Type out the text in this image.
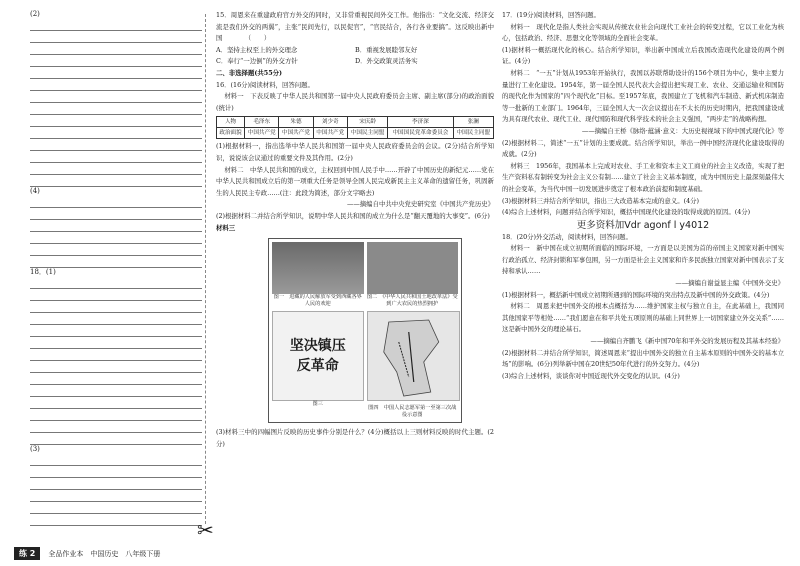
(2)

(4)

18．(1)

(3)

✂

15．周恩来在重建政府官方外交的同时，又非常重视民间外交工作。他指出：“文化交流、经济交流是我们外交的两翼”，主张“民间先行，以民促官”，“官民结合，各行各业要搞”。这反映出新中国　　　　（　　）

A．坚持主权至上的外交理念	B．重视发展睦邻友好

C．奉行“一边倒”的外交方针	D．外交政策灵活务实

二、非选择题(共55分)

16．(16分)阅读材料，回答问题。

材料一　下表反映了中华人民共和国第一届中央人民政府委员会主席、副主席(部分)的政治面貌(统计)

人物	毛泽东	朱德	刘少奇	宋庆龄	李济深	张澜
政治面貌	中国共产党	中国共产党	中国共产党	中国民主同盟	中国国民党革命委员会	中国民主同盟

(1)根据材料一，指出选举中华人民共和国第一届中央人民政府委员会的会议。(2分)结合所学知识，说说该会议通过的重要文件及其作用。(2分)

材料二　中华人民共和国的成立，主权回到中国人民手中……开辟了中国历史的新纪元……党在中华人民共和国成立后的第一项重大任务是领导全国人民完成新民主主义革命的遗留任务，巩固新生的人民民主专政……(注：此段为简述，部分文字略去)

——摘编自中共中央党史研究室《中国共产党历史》

(2)根据材料二并结合所学知识，说明中华人民共和国的成立为什么是“翻天覆地的大事变”。(6分)

材料三

图一　进藏的人民解放军受到西藏各界人民的欢迎
图二　《中华人民共和国土地改革法》受到广大农民的热烈拥护
坚决镇压
反革命
图三
图四　中国人民志愿军第一至第三次战役示意图

(3)材料三中的四幅图片反映的历史事件分别是什么？(4分)概括以上三则材料反映的时代主题。(2分)

17．(19分)阅读材料，回答问题。

材料一　现代化是指人类社会实现从传统农业社会向现代工业社会的转变过程，它以工业化为核心，包括政治、经济、思想文化等领域的全面社会变革。

(1)据材料一概括现代化的核心。结合所学知识，举出新中国成立后我国改造现代化建设的两个例证。(4分)

材料二　“一五”计划从1953年开始执行，我国以苏联帮助设计的156个项目为中心，集中主要力量进行工业化建设。1954年，第一届全国人民代表大会提出把实现工业、农业、交通运输业和国防的现代化作为国家的“四个现代化”目标。至1957年底，我国建立了飞机和汽车制造、新式机床制造等一批新的工业部门。1964年，三届全国人大一次会议提出在不太长的历史时期内，把我国建设成为具有现代农业、现代工业、现代国防和现代科学技术的社会主义强国，“两步走”的战略构想。

——摘编自王桥《脉络·蕴涵·意义：大历史视视域下的中国式现代化》等

(2)根据材料二，简述“一五”计划的主要成就。结合所学知识，举出一例中国经济现代化建设取得的成就。(2分)

材料三　1956年，我国基本上完成对农业、手工业和资本主义工商业的社会主义改造，实现了把生产资料私有制转变为社会主义公有制……建立了社会主义基本制度，成为中国历史上最深刻最伟大的社会变革，为当代中国一切发展进步奠定了根本政治前提和制度基础。

(3)根据材料三并结合所学知识，指出三大改造基本完成的意义。(4分)

(4)综合上述材料，问题并结合所学知识，概括中国现代化建设的取得成就的原因。(4分)

更多资料加Vdr agonf l y4012

18．(20分)外交活动，阅读材料，回答问题。

材料一　新中国在成立初期所面临的国际环境，一方面是以美国为首的帝国主义国家对新中国实行政治孤立、经济封锁和军事包围，另一方面是社会主义国家和许多民族独立国家对新中国表示了支持和承认……

——摘编自谢益显主编《中国外交史》

(1)根据材料一，概括新中国成立初期所遇到的国际环境的突出特点及新中国的外交政策。(4分)

材料二　周恩来把中国外交的根本点概括为……维护国家主权与独立自主，在此基础上，我国同其他国家平等相处……“我们愿意在和平共处五项原则的基础上同世界上一切国家建立外交关系”……这是新中国外交的理论基石。

——摘编自齐鹏飞《新中国70年和平外交的发展历程及其基本经验》

(2)根据材料二并结合所学知识，简述周恩来“提出中国外交的独立自主基本原则的中国外交的基本立场”的影响。(6分)列举新中国在20世纪50年代进行的外交努力。(4分)

(3)综合上述材料，谈谈你对中国近现代外交变化的认识。(4分)

练 2	全品作业本　中国历史　八年级下册
